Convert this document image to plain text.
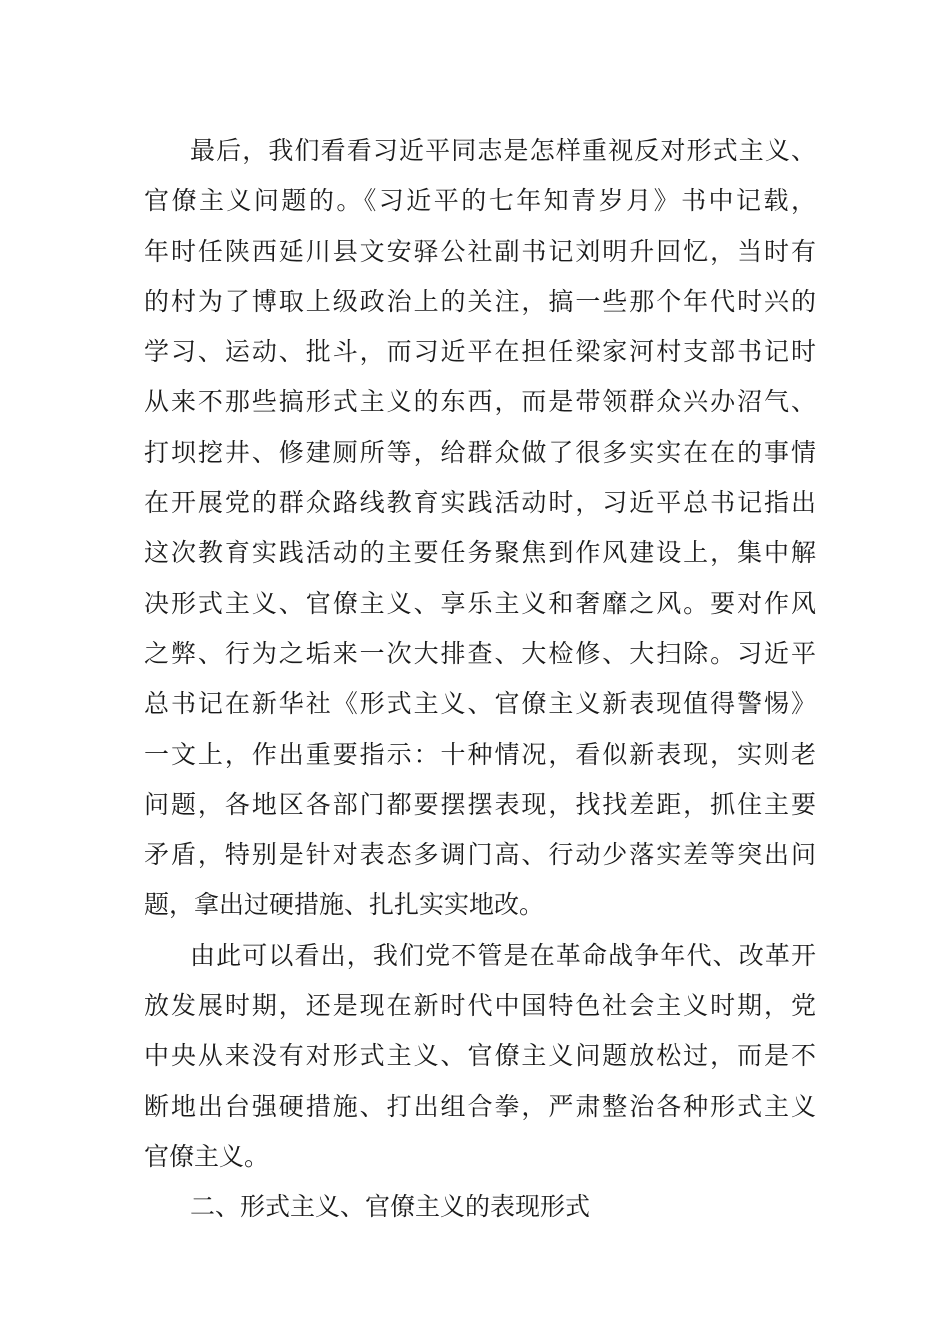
最后，我们看看习近平同志是怎样重视反对形式主义、
官僚主义问题的。《习近平的七年知青岁月》书中记载，
年时任陕西延川县文安驿公社副书记刘明升回忆，当时有
的村为了博取上级政治上的关注，搞一些那个年代时兴的
学习、运动、批斗，而习近平在担任梁家河村支部书记时
从来不那些搞形式主义的东西，而是带领群众兴办沼气、
打坝挖井、修建厕所等，给群众做了很多实实在在的事情
在开展党的群众路线教育实践活动时，习近平总书记指出
这次教育实践活动的主要任务聚焦到作风建设上，集中解
决形式主义、官僚主义、享乐主义和奢靡之风。要对作风
之弊、行为之垢来一次大排查、大检修、大扫除。习近平
总书记在新华社《形式主义、官僚主义新表现值得警惕》
一文上，作出重要指示：十种情况，看似新表现，实则老
问题，各地区各部门都要摆摆表现，找找差距，抓住主要
矛盾，特别是针对表态多调门高、行动少落实差等突出问
题，拿出过硬措施、扎扎实实地改。
由此可以看出，我们党不管是在革命战争年代、改革开
放发展时期，还是现在新时代中国特色社会主义时期，党
中央从来没有对形式主义、官僚主义问题放松过，而是不
断地出台强硬措施、打出组合拳，严肃整治各种形式主义
官僚主义。
二、形式主义、官僚主义的表现形式
